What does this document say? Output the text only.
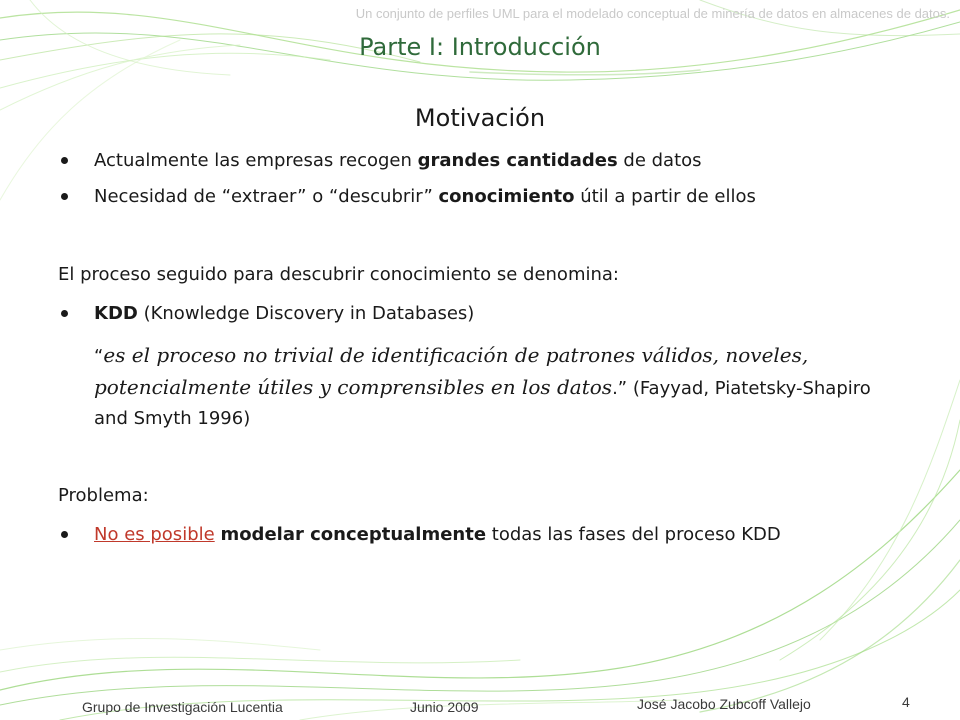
Un conjunto de perfiles UML para el modelado conceptual de minería de datos en almacenes de datos.
Parte I: Introducción
Motivación
Actualmente las empresas recogen grandes cantidades de datos
Necesidad de “extraer” o “descubrir” conocimiento útil a partir de ellos
El proceso seguido para descubrir conocimiento se denomina:
KDD (Knowledge Discovery in Databases)
“es el proceso no trivial de identificación de patrones válidos, noveles, potencialmente útiles y comprensibles en los datos.” (Fayyad, Piatetsky-Shapiro and Smyth 1996)
Problema:
No es posible modelar conceptualmente todas las fases del proceso KDD
Grupo de Investigación Lucentia	Junio 2009	José Jacobo Zubcoff Vallejo	4
